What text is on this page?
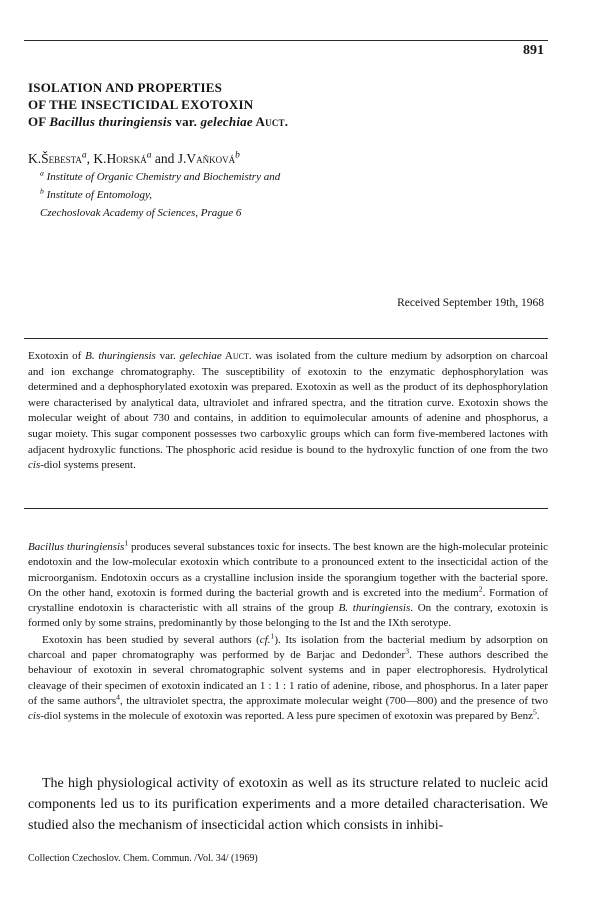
891
ISOLATION AND PROPERTIES
OF THE INSECTICIDAL EXOTOXIN
OF Bacillus thuringiensis var. gelechiae Auct.
K.Šebesta$^a$, K.Horská$^a$ and J.Vaňková$^b$
$^a$ Institute of Organic Chemistry and Biochemistry and
$^b$ Institute of Entomology,
Czechoslovak Academy of Sciences, Prague 6
Received September 19th, 1968
Exotoxin of B. thuringiensis var. gelechiae Auct. was isolated from the culture medium by adsorption on charcoal and ion exchange chromatography. The susceptibility of exotoxin to the enzymatic dephosphorylation was determined and a dephosphorylated exotoxin was prepared. Exotoxin as well as the product of its dephosphorylation were characterised by analytical data, ultraviolet and infrared spectra, and the titration curve. Exotoxin shows the molecular weight of about 730 and contains, in addition to equimolecular amounts of adenine and phosphorus, a sugar moiety. This sugar component possesses two carboxylic groups which can form five-membered lactones with adjacent hydroxylic functions. The phosphoric acid residue is bound to the hydroxylic function of one from the two cis-diol systems present.

Bacillus thuringiensis$^1$ produces several substances toxic for insects. The best known are the high-molecular proteinic endotoxin and the low-molecular exotoxin which contribute to a pronounced extent to the insecticidal action of the microorganism. Endotoxin occurs as a crystalline inclusion inside the sporangium together with the bacterial spore. On the other hand, exotoxin is formed during the bacterial growth and is excreted into the medium$^2$. Formation of crystalline endotoxin is characteristic with all strains of the group B. thuringiensis. On the contrary, exotoxin is formed only by some strains, predominantly by those belonging to the Ist and the IXth serotype.

Exotoxin has been studied by several authors (cf.$^1$). Its isolation from the bacterial medium by adsorption on charcoal and paper chromatography was performed by de Barjac and Dedonder$^3$. These authors described the behaviour of exotoxin in several chromatographic solvent systems and in paper electrophoresis. Hydrolytical cleavage of their specimen of exotoxin indicated an 1 : 1 : 1 ratio of adenine, ribose, and phosphorus. In a later paper of the same authors$^4$, the ultraviolet spectra, the approximate molecular weight (700—800) and the presence of two cis-diol systems in the molecule of exotoxin was reported. A less pure specimen of exotoxin was prepared by Benz$^5$.

The high physiological activity of exotoxin as well as its structure related to nucleic acid components led us to its purification experiments and a more detailed characterisation. We studied also the mechanism of insecticidal action which consists in inhibi-

Collection Czechoslov. Chem. Commun. /Vol. 34/ (1969)
